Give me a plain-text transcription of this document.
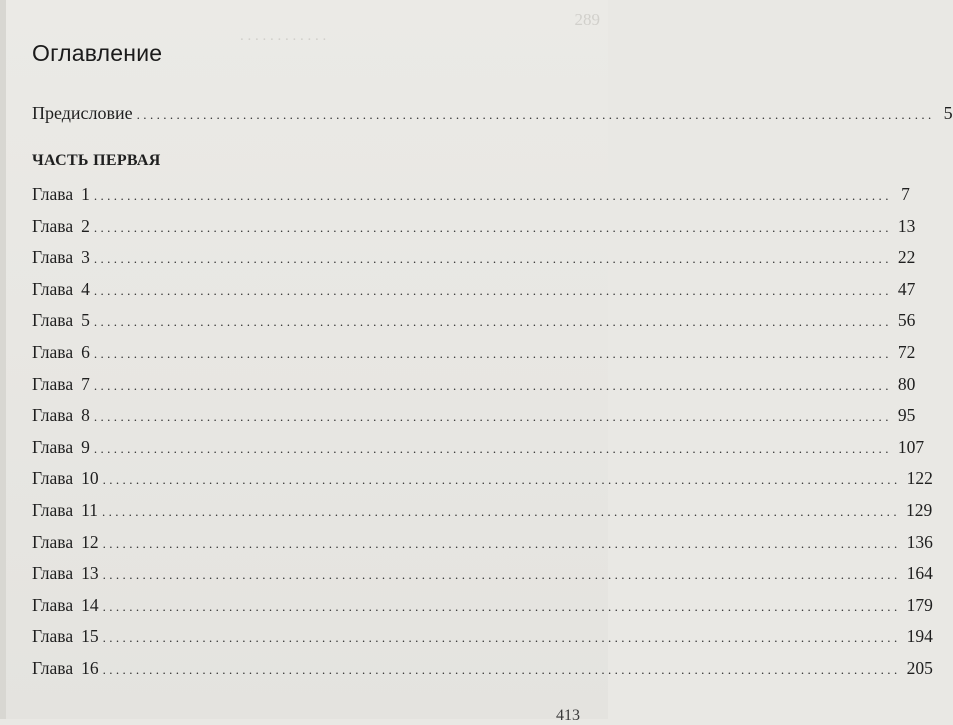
. . . . . . . . . . . .
289
Оглавление
Предисловие ........................................................................................................................ 5
ЧАСТЬ ПЕРВАЯ
Глава 1 ........................................................................................................................ 7
Глава 2 ........................................................................................................................ 13
Глава 3 ........................................................................................................................ 22
Глава 4 ........................................................................................................................ 47
Глава 5 ........................................................................................................................ 56
Глава 6 ........................................................................................................................ 72
Глава 7 ........................................................................................................................ 80
Глава 8 ........................................................................................................................ 95
Глава 9 ........................................................................................................................ 107
Глава 10 ........................................................................................................................ 122
Глава 11 ........................................................................................................................ 129
Глава 12 ........................................................................................................................ 136
Глава 13 ........................................................................................................................ 164
Глава 14 ........................................................................................................................ 179
Глава 15 ........................................................................................................................ 194
Глава 16 ........................................................................................................................ 205
413
